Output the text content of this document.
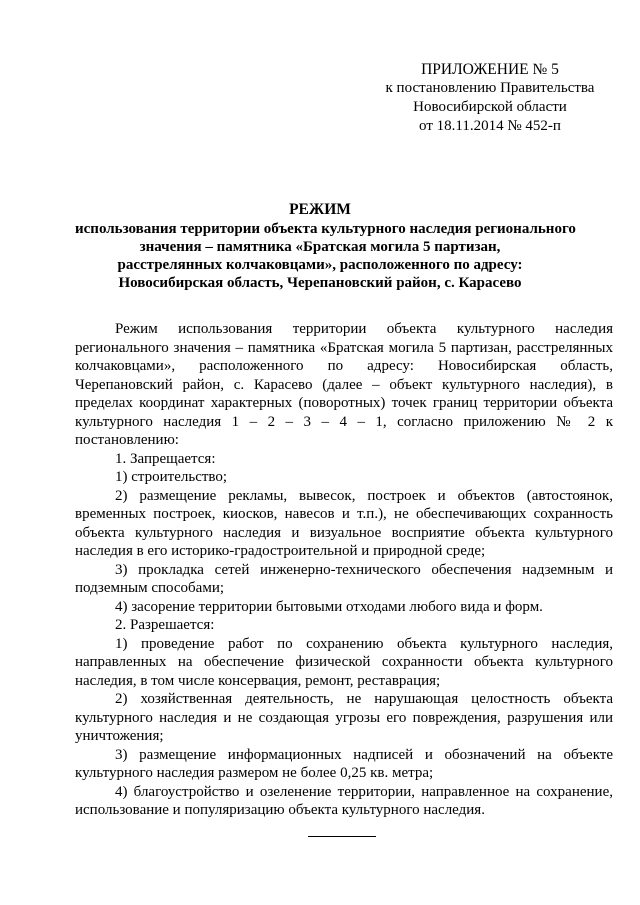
ПРИЛОЖЕНИЕ № 5
к постановлению Правительства
Новосибирской области
от 18.11.2014 № 452-п
РЕЖИМ
использования территории объекта культурного наследия регионального
значения – памятника «Братская могила 5 партизан,
расстрелянных колчаковцами», расположенного по адресу:
Новосибирская область, Черепановский район, с. Карасево

Режим использования территории объекта культурного наследия регионального значения – памятника «Братская могила 5 партизан, расстрелянных колчаковцами», расположенного по адресу: Новосибирская область, Черепановский район, с. Карасево (далее – объект культурного наследия), в пределах координат характерных (поворотных) точек границ территории объекта культурного наследия 1 – 2 – 3 – 4 – 1, согласно приложению № 2 к постановлению:

1. Запрещается:

1) строительство;

2) размещение рекламы, вывесок, построек и объектов (автостоянок, временных построек, киосков, навесов и т.п.), не обеспечивающих сохранность объекта культурного наследия и визуальное восприятие объекта культурного наследия в его историко-градостроительной и природной среде;

3) прокладка сетей инженерно-технического обеспечения надземным и подземным способами;

4) засорение территории бытовыми отходами любого вида и форм.

2. Разрешается:

1) проведение работ по сохранению объекта культурного наследия, направленных на обеспечение физической сохранности объекта культурного наследия, в том числе консервация, ремонт, реставрация;

2) хозяйственная деятельность, не нарушающая целостность объекта культурного наследия и не создающая угрозы его повреждения, разрушения или уничтожения;

3) размещение информационных надписей и обозначений на объекте культурного наследия размером не более 0,25 кв. метра;

4) благоустройство и озеленение территории, направленное на сохранение, использование и популяризацию объекта культурного наследия.
